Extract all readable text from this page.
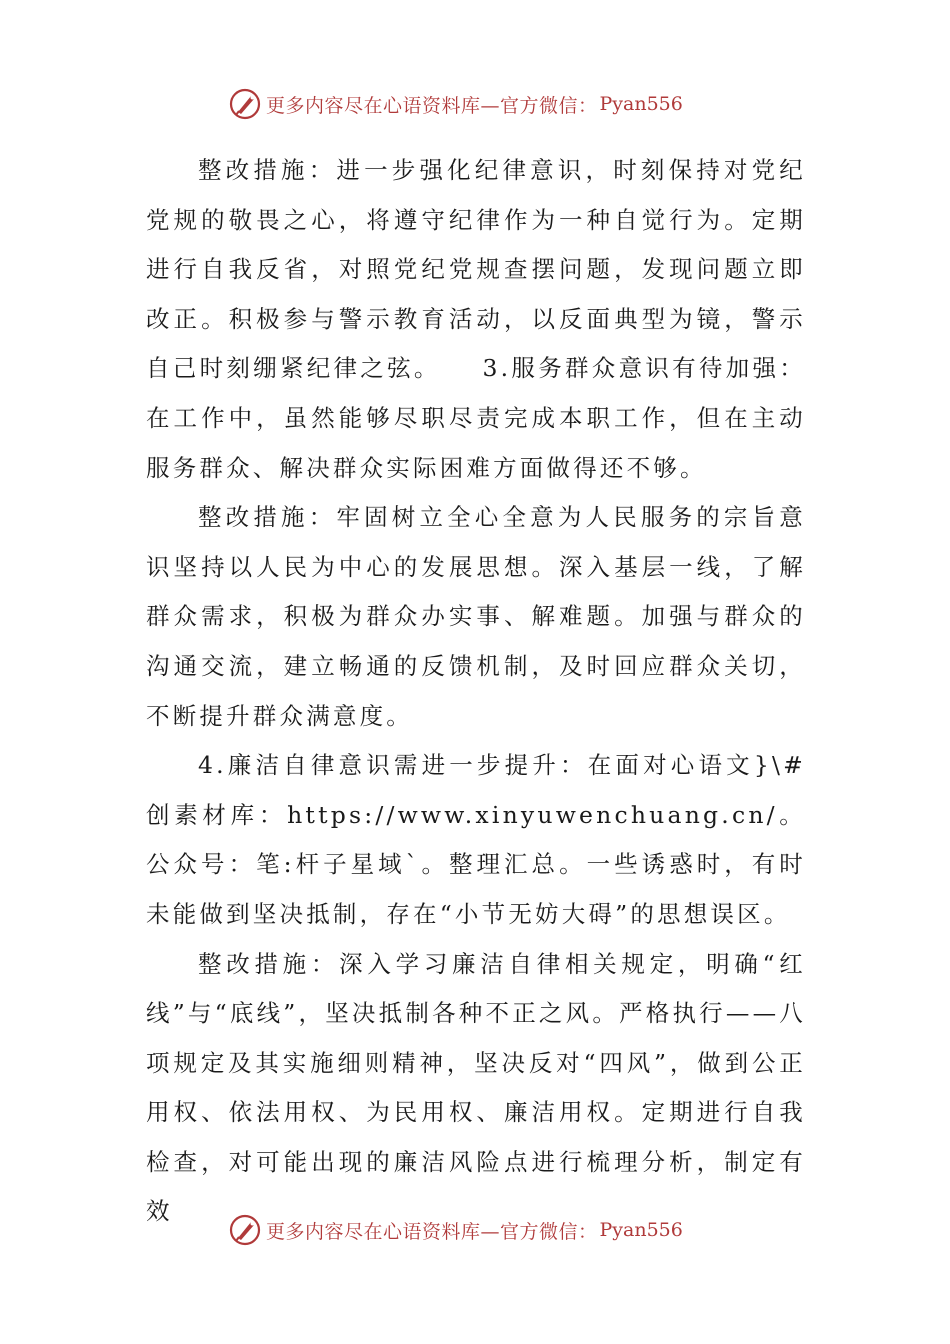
更多内容尽在心语资料库—官方微信： Pyan556

整改措施：进一步强化纪律意识，时刻保持对党纪党规的敬畏之心，将遵守纪律作为一种自觉行为。定期进行自我反省，对照党纪党规查摆问题，发现问题立即改正。积极参与警示教育活动，以反面典型为镜，警示自己时刻绷紧纪律之弦。　　3.服务群众意识有待加强：在工作中，虽然能够尽职尽责完成本职工作，但在主动服务群众、解决群众实际困难方面做得还不够。

整改措施：牢固树立全心全意为人民服务的宗旨意识坚持以人民为中心的发展思想。深入基层一线，了解群众需求，积极为群众办实事、解难题。加强与群众的沟通交流，建立畅通的反馈机制，及时回应群众关切，不断提升群众满意度。

4.廉洁自律意识需进一步提升：在面对心语文}\#创素材库：https://www.xinyuwenchuang.cn/。公众号：笔:杆子星域`。整理汇总。一些诱惑时，有时未能做到坚决抵制，存在“小节无妨大碍”的思想误区。

整改措施：深入学习廉洁自律相关规定，明确“红线”与“底线”，坚决抵制各种不正之风。严格执行——八项规定及其实施细则精神，坚决反对“四风”，做到公正用权、依法用权、为民用权、廉洁用权。定期进行自我检查，对可能出现的廉洁风险点进行梳理分析，制定有效

更多内容尽在心语资料库—官方微信： Pyan556
